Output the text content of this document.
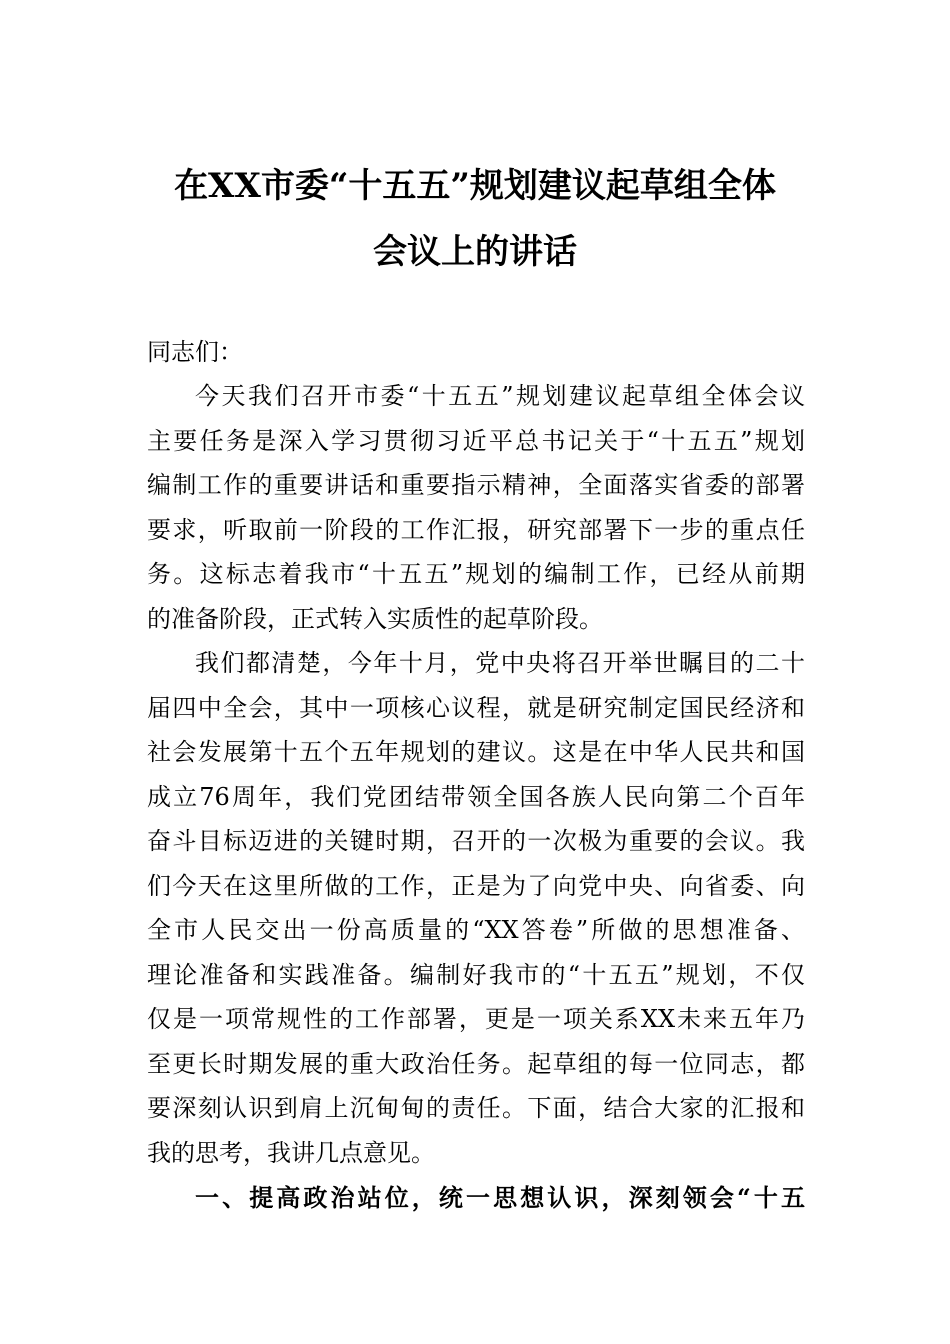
在XX市委“十五五”规划建议起草组全体
会议上的讲话
同志们：
今天我们召开市委“十五五”规划建议起草组全体会议
主要任务是深入学习贯彻习近平总书记关于“十五五”规划
编制工作的重要讲话和重要指示精神，全面落实省委的部署
要求，听取前一阶段的工作汇报，研究部署下一步的重点任
务。这标志着我市“十五五”规划的编制工作，已经从前期
的准备阶段，正式转入实质性的起草阶段。
我们都清楚，今年十月，党中央将召开举世瞩目的二十
届四中全会，其中一项核心议程，就是研究制定国民经济和
社会发展第十五个五年规划的建议。这是在中华人民共和国
成立76周年，我们党团结带领全国各族人民向第二个百年
奋斗目标迈进的关键时期，召开的一次极为重要的会议。我
们今天在这里所做的工作，正是为了向党中央、向省委、向
全市人民交出一份高质量的“XX答卷”所做的思想准备、
理论准备和实践准备。编制好我市的“十五五”规划，不仅
仅是一项常规性的工作部署，更是一项关系XX未来五年乃
至更长时期发展的重大政治任务。起草组的每一位同志，都
要深刻认识到肩上沉甸甸的责任。下面，结合大家的汇报和
我的思考，我讲几点意见。
一、提高政治站位，统一思想认识，深刻领会“十五
